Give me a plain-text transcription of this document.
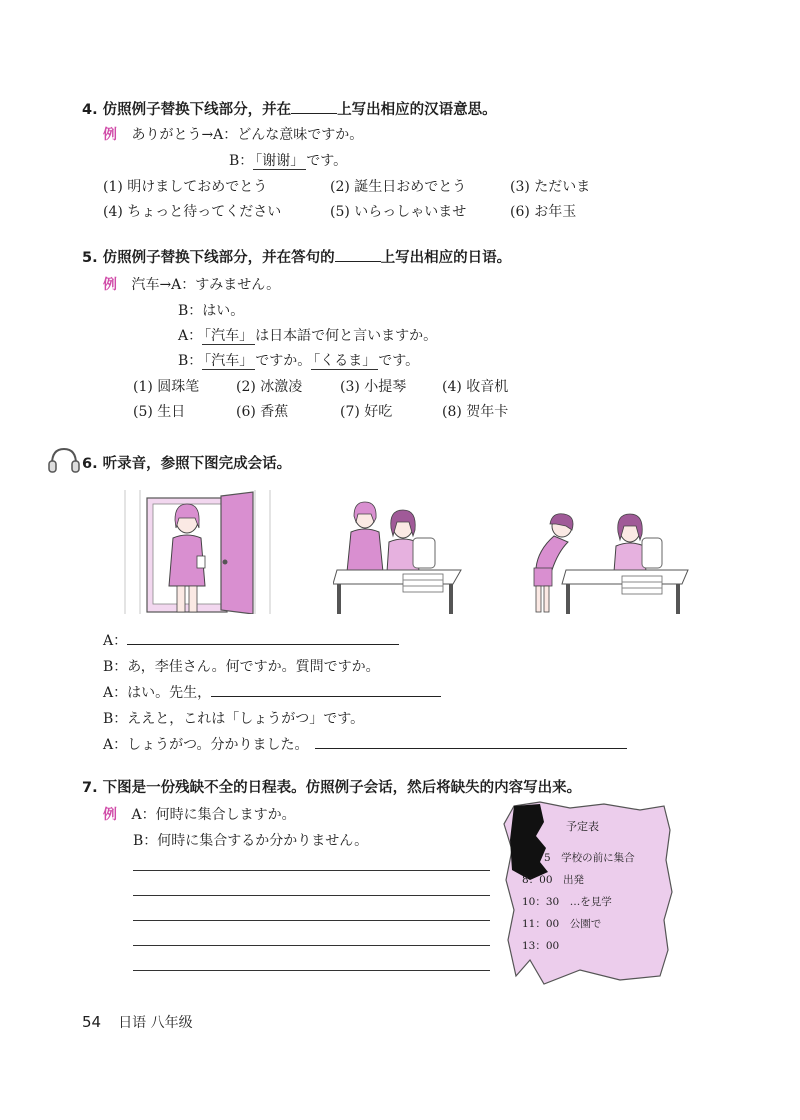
4. 仿照例子替换下线部分，并在	上写出相应的汉语意思。
例 ありがとう→A：どんな意味ですか。
B： 「谢谢」 です。
(1) 明けましておめでとう	(2) 誕生日おめでとう	(3) ただいま
(4) ちょっと待ってください	(5) いらっしゃいませ	(6) お年玉
5. 仿照例子替换下线部分，并在答句的	上写出相应的日语。
例 汽车→A：すみません。
B：はい。
A： 「汽车」 は日本語で何と言いますか。
B： 「汽车」 ですか。 「くるま」 です。
(1) 圆珠笔	(2) 冰激凌	(3) 小提琴	(4) 收音机
(5) 生日	(6) 香蕉	(7) 好吃	(8) 贺年卡
6. 听录音，参照下图完成会话。
A：
B：あ，李佳さん。何ですか。質問ですか。
A：はい。先生，
B：ええと，これは「しょうがつ」です。
A：しょうがつ。分かりました。
7. 下图是一份残缺不全的日程表。仿照例子会话，然后将缺失的内容写出来。
例 A：何時に集合しますか。
B：何時に集合するか分かりません。
予定表
5　学校の前に集合
8：00　出発
10：30　…を見学
11：00　公園で
13：00
54 日语 八年级
